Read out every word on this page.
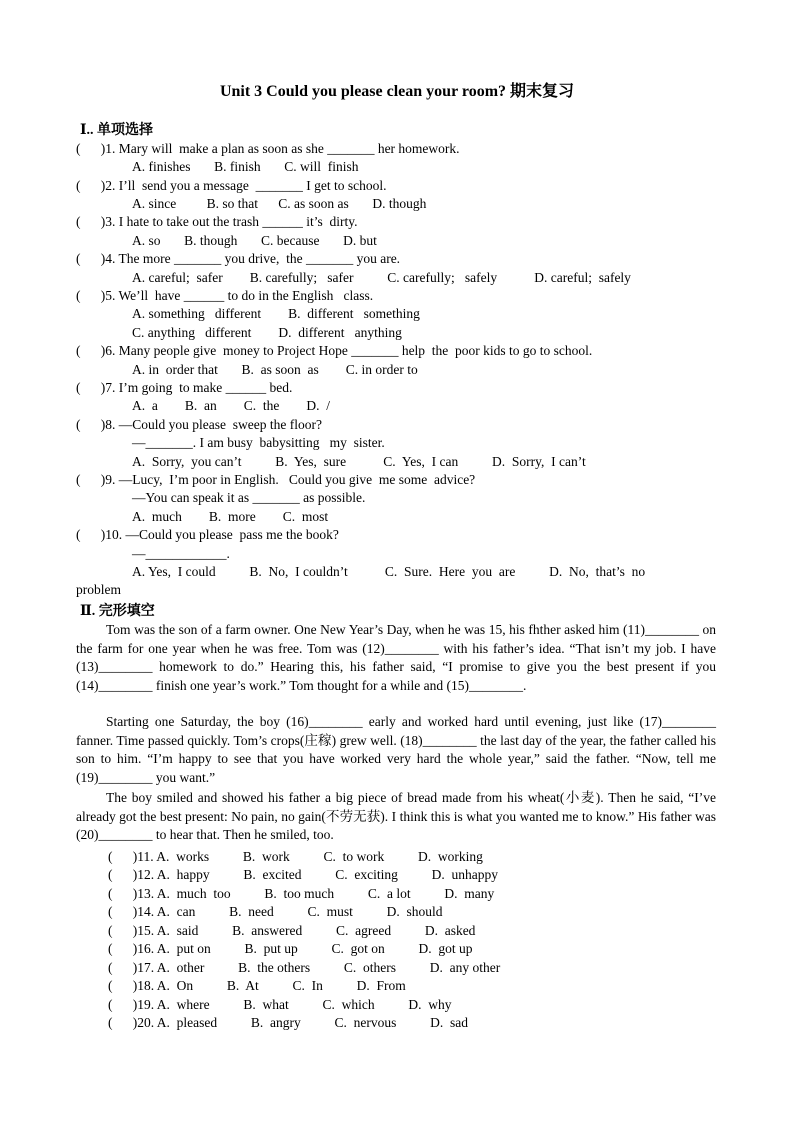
Unit 3 Could you please clean your room? 期末复习
Ⅰ.. 单项选择
(      )1. Mary will  make a plan as soon as she _______ her homework.
A. finishes       B. finish       C. will  finish
(      )2. I’ll  send you a message  _______ I get to school.
A. since         B. so that      C. as soon as       D. though
(      )3. I hate to take out the trash ______ it’s  dirty.
A. so       B. though       C. because       D. but
(      )4. The more _______ you drive,  the _______ you are.
A. careful;  safer        B. carefully;   safer          C. carefully;   safely           D. careful;  safely
(      )5. We’ll  have ______ to do in the English   class.
A. something   different        B.  different   something
C. anything   different        D.  different   anything
(      )6. Many people give  money to Project Hope _______ help  the  poor kids to go to school.
A. in  order that       B.  as soon  as        C. in order to
(      )7. I’m going  to make ______ bed.
A.  a        B.  an        C.  the        D.  /
(      )8. —Could you please  sweep the floor?
—_______. I am busy  babysitting   my  sister.
A.  Sorry,  you can’t          B.  Yes,  sure           C.  Yes,  I can          D.  Sorry,  I can’t
(      )9. —Lucy,  I’m poor in English.   Could you give  me some  advice?
—You can speak it as _______ as possible.
A.  much        B.  more        C.  most
(      )10. —Could you please  pass me the book?
—____________.
A. Yes,  I could          B.  No,  I couldn’t           C.  Sure.  Here  you  are          D.  No,  that’s  no
problem
Ⅱ. 完形填空
Tom was the son of a farm owner. One New Year’s Day, when he was 15, his fhther asked him (11)________ on the farm for one year when he was free. Tom was (12)________ with his father’s idea. “That isn’t my job. I have (13)________ homework to do.” Hearing this, his father said, “I promise to give you the best present if you (14)________ finish one year’s work.” Tom thought for a while and (15)________.
Starting one Saturday, the boy (16)________ early and worked hard until evening, just like (17)________ fanner. Time passed quickly. Tom’s crops(庄稼) grew well. (18)________ the last day of the year, the father called his son to him. “I’m happy to see that you have worked very hard the whole year,” said the father. “Now, tell me (19)________ you want.”
The boy smiled and showed his father a big piece of bread made from his wheat(小麦). Then he said, “I’ve already got the best present: No pain, no gain(不劳无获). I think this is what you wanted me to know.” His father was (20)________ to hear that. Then he smiled, too.
(      )11. A.  works          B.  work          C.  to work          D.  working
(      )12. A.  happy          B.  excited          C.  exciting          D.  unhappy
(      )13. A.  much  too          B.  too much          C.  a lot          D.  many
(      )14. A.  can          B.  need          C.  must          D.  should
(      )15. A.  said          B.  answered          C.  agreed          D.  asked
(      )16. A.  put on          B.  put up          C.  got on          D.  got up
(      )17. A.  other          B.  the others          C.  others          D.  any other
(      )18. A.  On          B.  At          C.  In          D.  From
(      )19. A.  where          B.  what          C.  which          D.  why
(      )20. A.  pleased          B.  angry          C.  nervous          D.  sad
